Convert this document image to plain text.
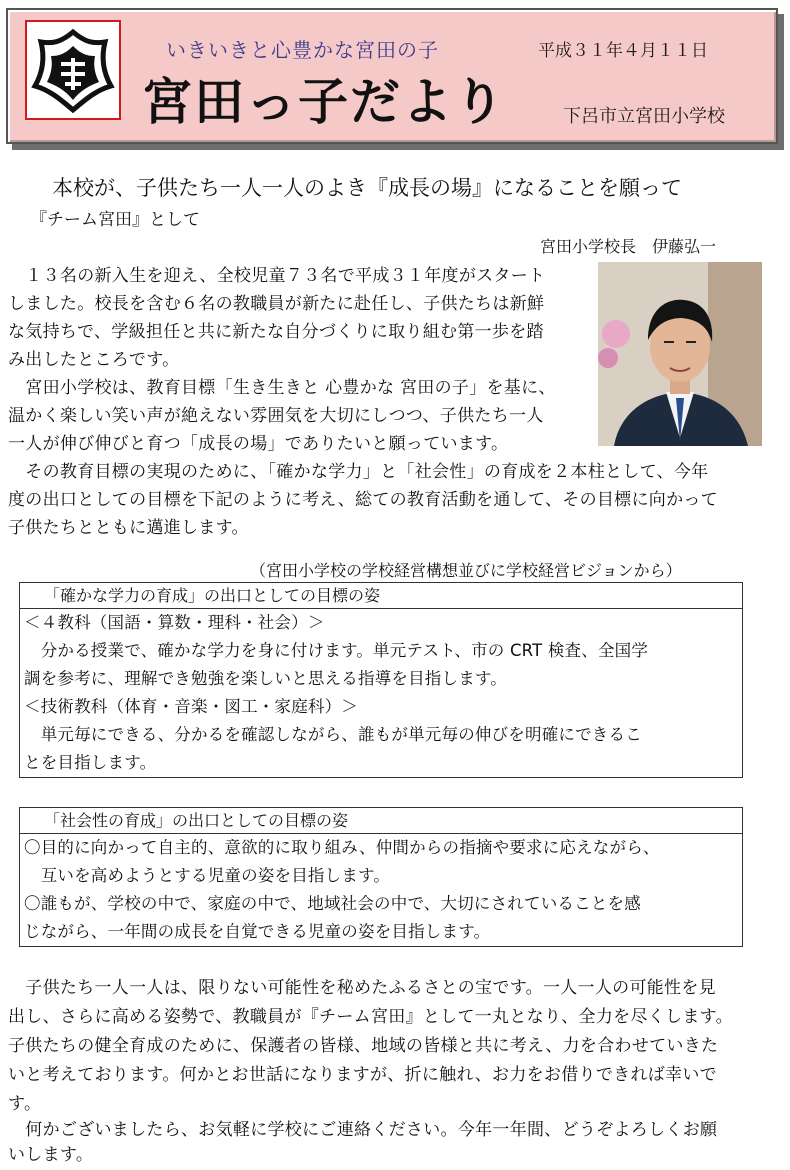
いきいきと心豊かな宮田の子	平成３１年４月１１日
宮田っ子だより	下呂市立宮田小学校
本校が、子供たち一人一人のよき『成長の場』になることを願って
『チーム宮田』として
宮田小学校長　伊藤弘一
　１３名の新入生を迎え、全校児童７３名で平成３１年度がスタート
しました。校長を含む６名の教職員が新たに赴任し、子供たちは新鮮
な気持ちで、学級担任と共に新たな自分づくりに取り組む第一歩を踏
み出したところです。
　宮田小学校は、教育目標「生き生きと 心豊かな 宮田の子」を基に、
温かく楽しい笑い声が絶えない雰囲気を大切にしつつ、子供たち一人
一人が伸び伸びと育つ「成長の場」でありたいと願っています。
　その教育目標の実現のために、「確かな学力」と「社会性」の育成を２本柱として、今年
度の出口としての目標を下記のように考え、総ての教育活動を通して、その目標に向かって
子供たちとともに邁進します。
（宮田小学校の学校経営構想並びに学校経営ビジョンから）
「確かな学力の育成」の出口としての目標の姿
＜４教科（国語・算数・理科・社会）＞
　分かる授業で、確かな学力を身に付けます。単元テスト、市の CRT 検査、全国学
調を参考に、理解でき勉強を楽しいと思える指導を目指します。
＜技術教科（体育・音楽・図工・家庭科）＞
　単元毎にできる、分かるを確認しながら、誰もが単元毎の伸びを明確にできるこ
とを目指します。
「社会性の育成」の出口としての目標の姿
〇目的に向かって自主的、意欲的に取り組み、仲間からの指摘や要求に応えながら、
　互いを高めようとする児童の姿を目指します。
〇誰もが、学校の中で、家庭の中で、地域社会の中で、大切にされていることを感
じながら、一年間の成長を自覚できる児童の姿を目指します。
　子供たち一人一人は、限りない可能性を秘めたふるさとの宝です。一人一人の可能性を見
出し、さらに高める姿勢で、教職員が『チーム宮田』として一丸となり、全力を尽くします。
子供たちの健全育成のために、保護者の皆様、地域の皆様と共に考え、力を合わせていきた
いと考えております。何かとお世話になりますが、折に触れ、お力をお借りできれば幸いで
す。
　何かございましたら、お気軽に学校にご連絡ください。今年一年間、どうぞよろしくお願
いします。
